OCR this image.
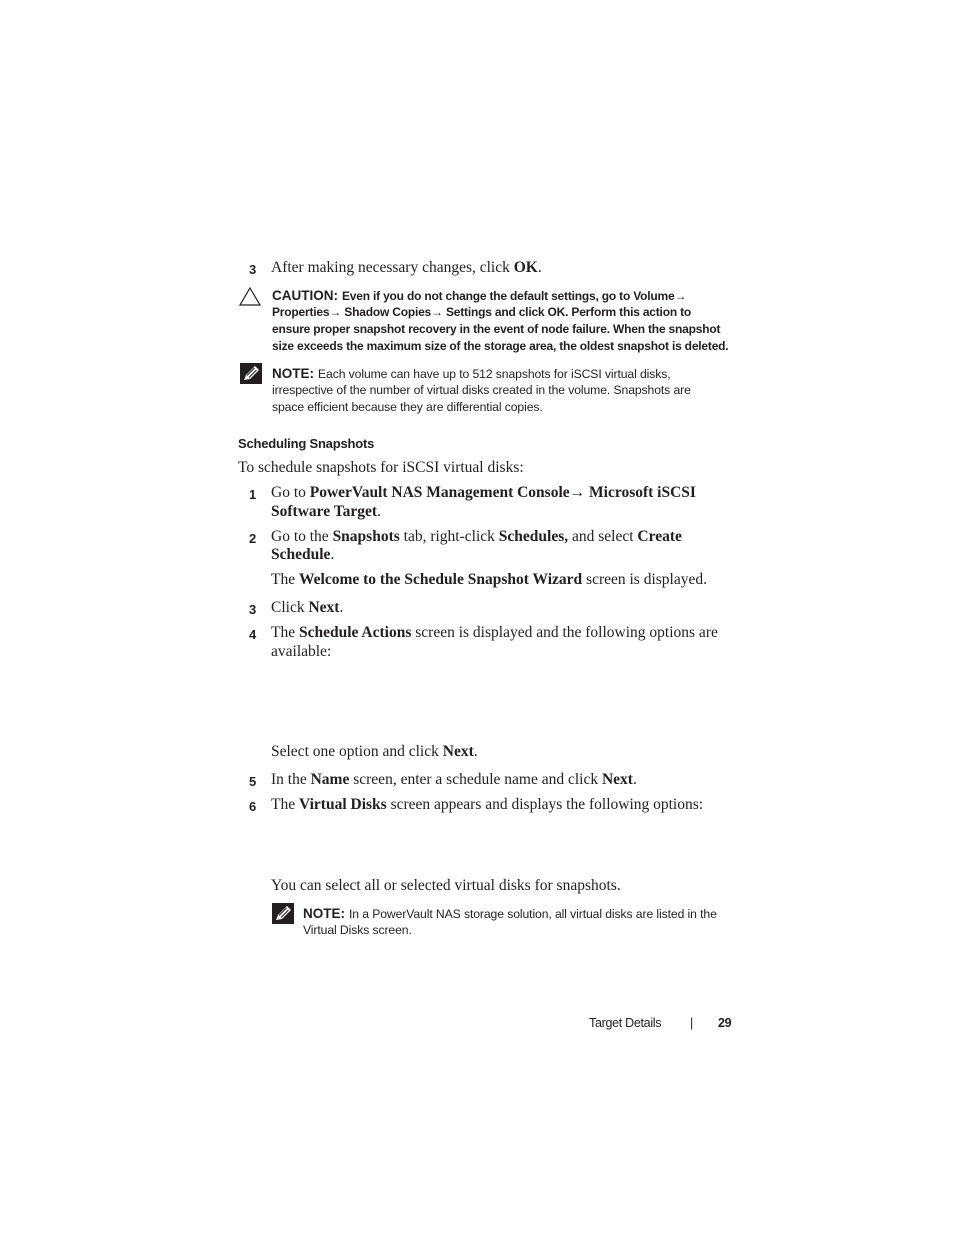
3 After making necessary changes, click OK.
CAUTION: Even if you do not change the default settings, go to Volume→
Properties→ Shadow Copies→ Settings and click OK. Perform this action to
ensure proper snapshot recovery in the event of node failure. When the snapshot
size exceeds the maximum size of the storage area, the oldest snapshot is deleted.
NOTE: Each volume can have up to 512 snapshots for iSCSI virtual disks,
irrespective of the number of virtual disks created in the volume. Snapshots are
space efficient because they are differential copies.
Scheduling Snapshots
To schedule snapshots for iSCSI virtual disks:
1 Go to PowerVault NAS Management Console→ Microsoft iSCSI
Software Target.
2 Go to the Snapshots tab, right-click Schedules, and select Create
Schedule.
The Welcome to the Schedule Snapshot Wizard screen is displayed.
3 Click Next.
4 The Schedule Actions screen is displayed and the following options are
available:
Select one option and click Next.
5 In the Name screen, enter a schedule name and click Next.
6 The Virtual Disks screen appears and displays the following options:
You can select all or selected virtual disks for snapshots.
NOTE: In a PowerVault NAS storage solution, all virtual disks are listed in the
Virtual Disks screen.
Target Details | 29
